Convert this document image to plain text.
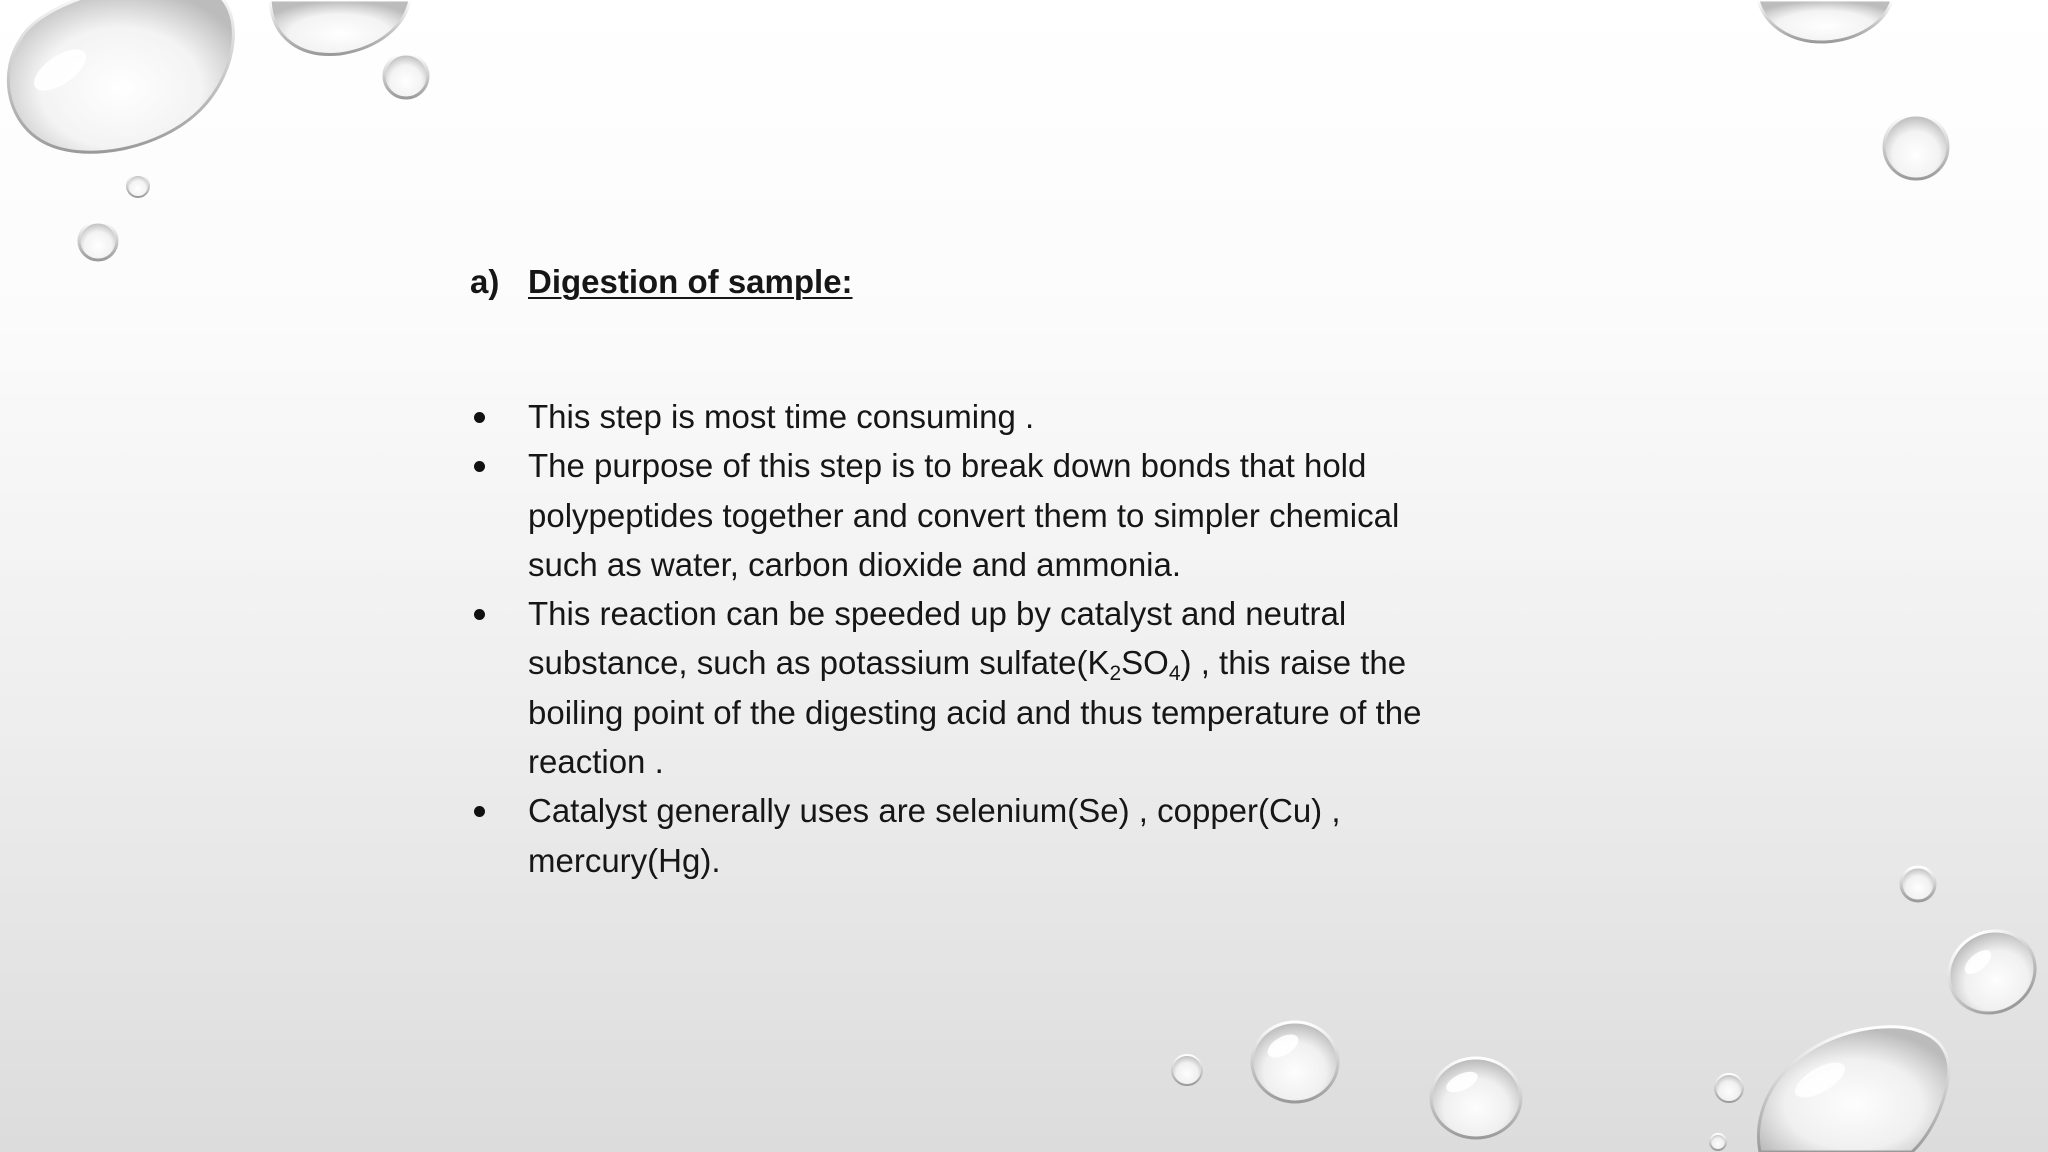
a) Digestion of sample:
This step is most time consuming .
The purpose of this step is to break down bonds that hold polypeptides together and convert them to simpler chemical such as water, carbon dioxide and ammonia.
This reaction can be speeded up by catalyst and neutral substance, such as potassium $sulfate(K_2SO_4)$ , this raise the boiling point of the digesting acid and thus temperature of the reaction .
Catalyst generally uses are selenium(Se) , copper(Cu) , mercury(Hg).
